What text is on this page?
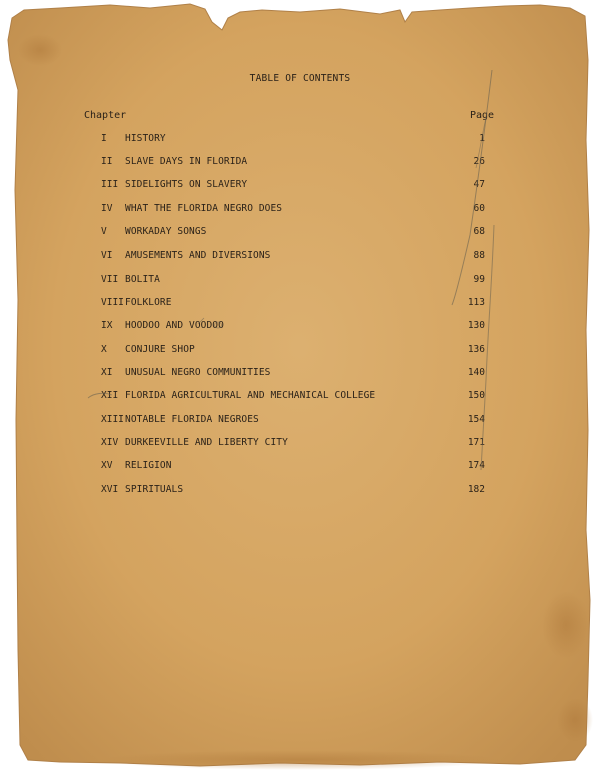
TABLE OF CONTENTS
Chapter	Page
I HISTORY	1
II SLAVE DAYS IN FLORIDA	26
III SIDELIGHTS ON SLAVERY	47
IV WHAT THE FLORIDA NEGRO DOES	60
V WORKADAY SONGS	68
VI AMUSEMENTS AND DIVERSIONS	88
VII BOLITA	99
VIII FOLKLORE	113
IX HOODOO AND VOODOO	130
X CONJURE SHOP	136
XI UNUSUAL NEGRO COMMUNITIES	140
XII FLORIDA AGRICULTURAL AND MECHANICAL COLLEGE	150
XIII NOTABLE FLORIDA NEGROES	154
XIV DURKEEVILLE AND LIBERTY CITY	171
XV RELIGION	174
XVI SPIRITUALS	182
